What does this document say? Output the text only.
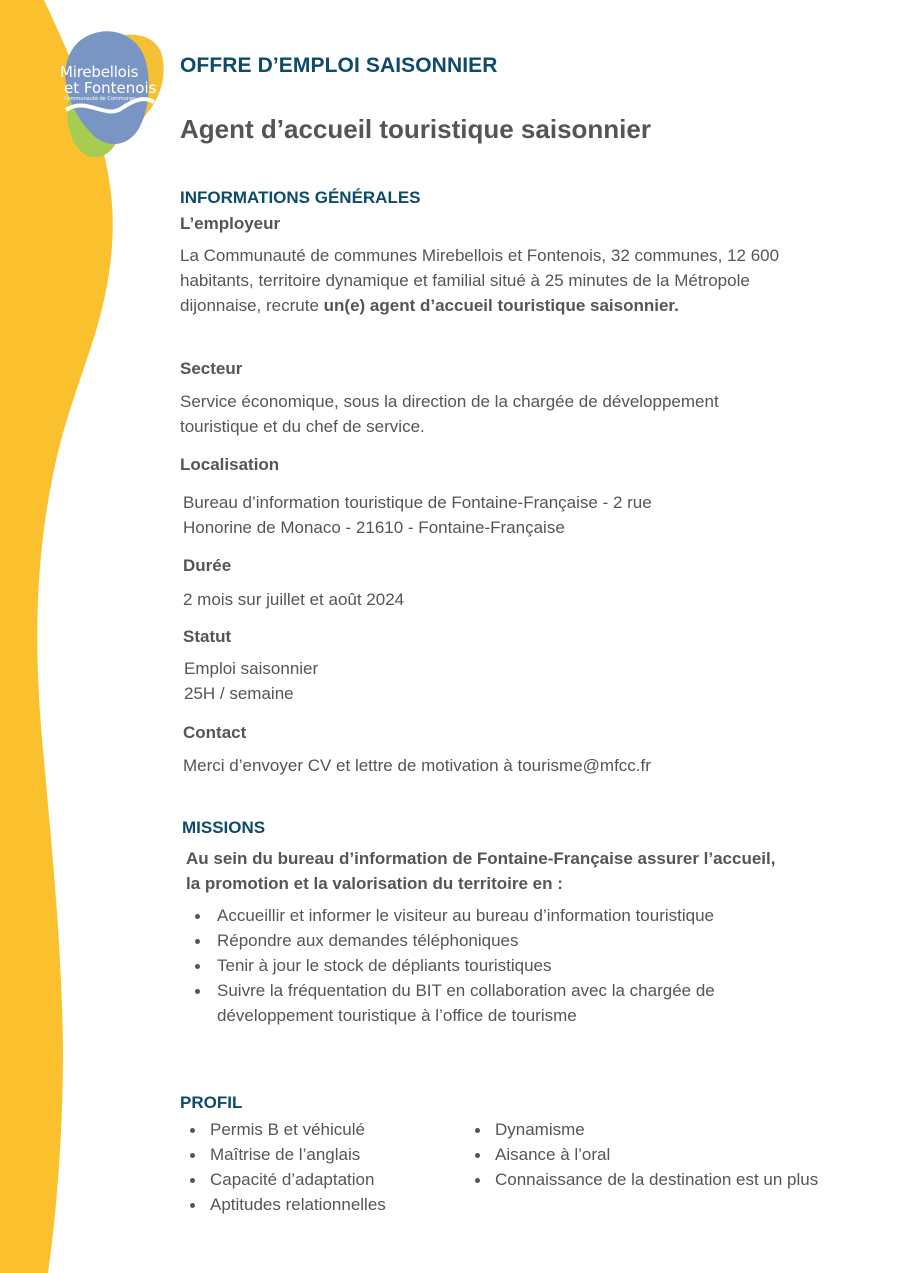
Mirebellois
et Fontenois
Communauté de Communes
OFFRE D’EMPLOI SAISONNIER
Agent d’accueil touristique saisonnier
INFORMATIONS GÉNÉRALES
L’employeur
La Communauté de communes Mirebellois et Fontenois, 32 communes, 12 600 habitants, territoire dynamique et familial situé à 25 minutes de la Métropole dijonnaise, recrute un(e) agent d’accueil touristique saisonnier.
Secteur
Service économique, sous la direction de la chargée de développement touristique et du chef de service.
Localisation
Bureau d’information touristique de Fontaine-Française - 2 rue
Honorine de Monaco - 21610 - Fontaine-Française
Durée
2 mois sur juillet et août 2024
Statut
Emploi saisonnier
25H / semaine
Contact
Merci d’envoyer CV et lettre de motivation à tourisme@mfcc.fr
MISSIONS
Au sein du bureau d’information de Fontaine-Française assurer l’accueil, la promotion et la valorisation du territoire en :
Accueillir et informer le visiteur au bureau d’information touristique
Répondre aux demandes téléphoniques
Tenir à jour le stock de dépliants touristiques
Suivre la fréquentation du BIT en collaboration avec la chargée de développement touristique à l’office de tourisme
PROFIL
Permis B et véhiculé
Maîtrise de l’anglais
Capacité d’adaptation
Aptitudes relationnelles
Dynamisme
Aisance à l’oral
Connaissance de la destination est un plus
